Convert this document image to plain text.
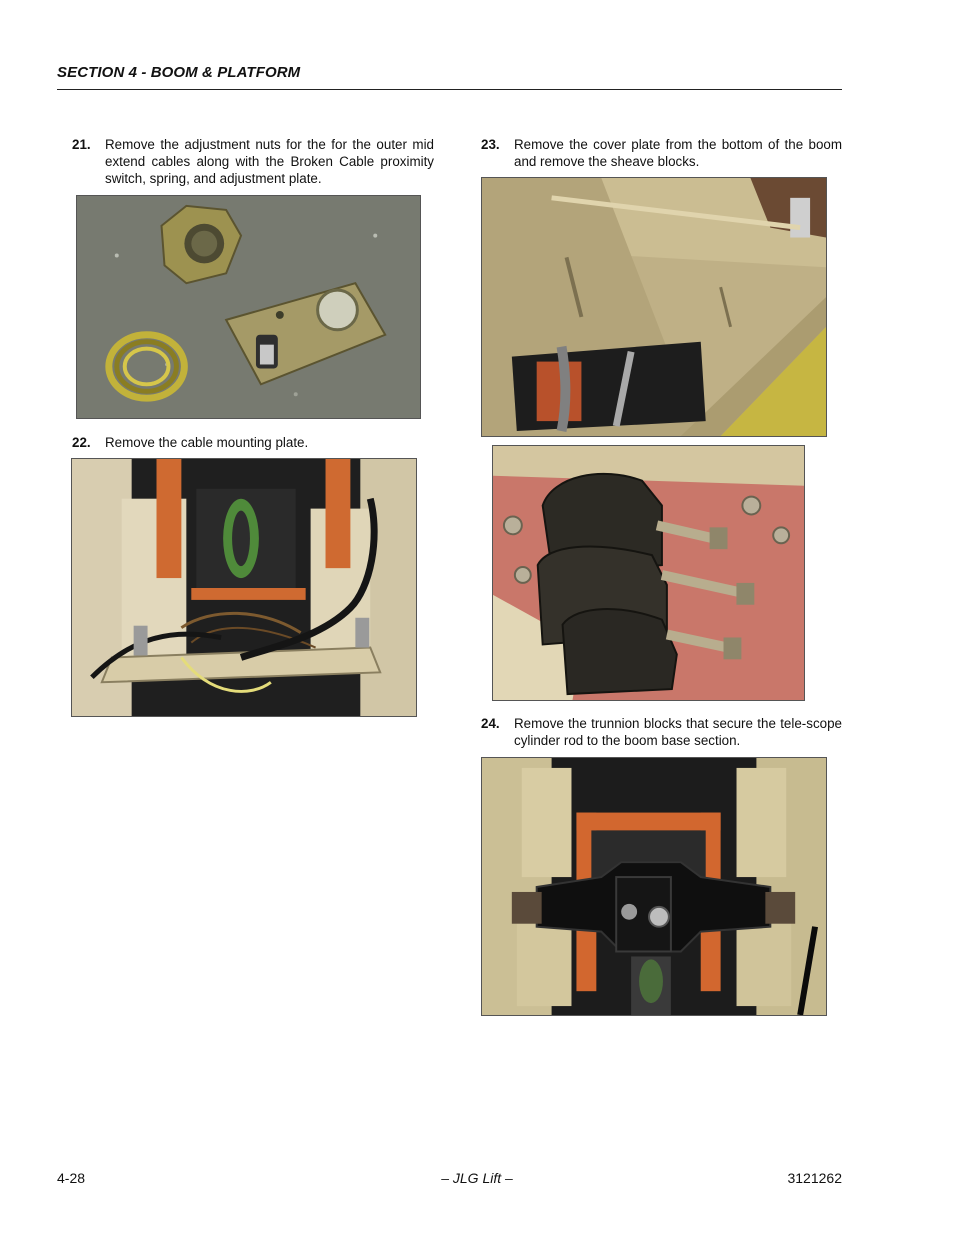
SECTION 4 - BOOM & PLATFORM
21. Remove the adjustment nuts for the for the outer mid extend cables along with the Broken Cable proximity switch, spring, and adjustment plate.
22. Remove the cable mounting plate.
23. Remove the cover plate from the bottom of the boom and remove the sheave blocks.
24. Remove the trunnion blocks that secure the tele-scope cylinder rod to the boom base section.
4-28	– JLG Lift –	3121262
